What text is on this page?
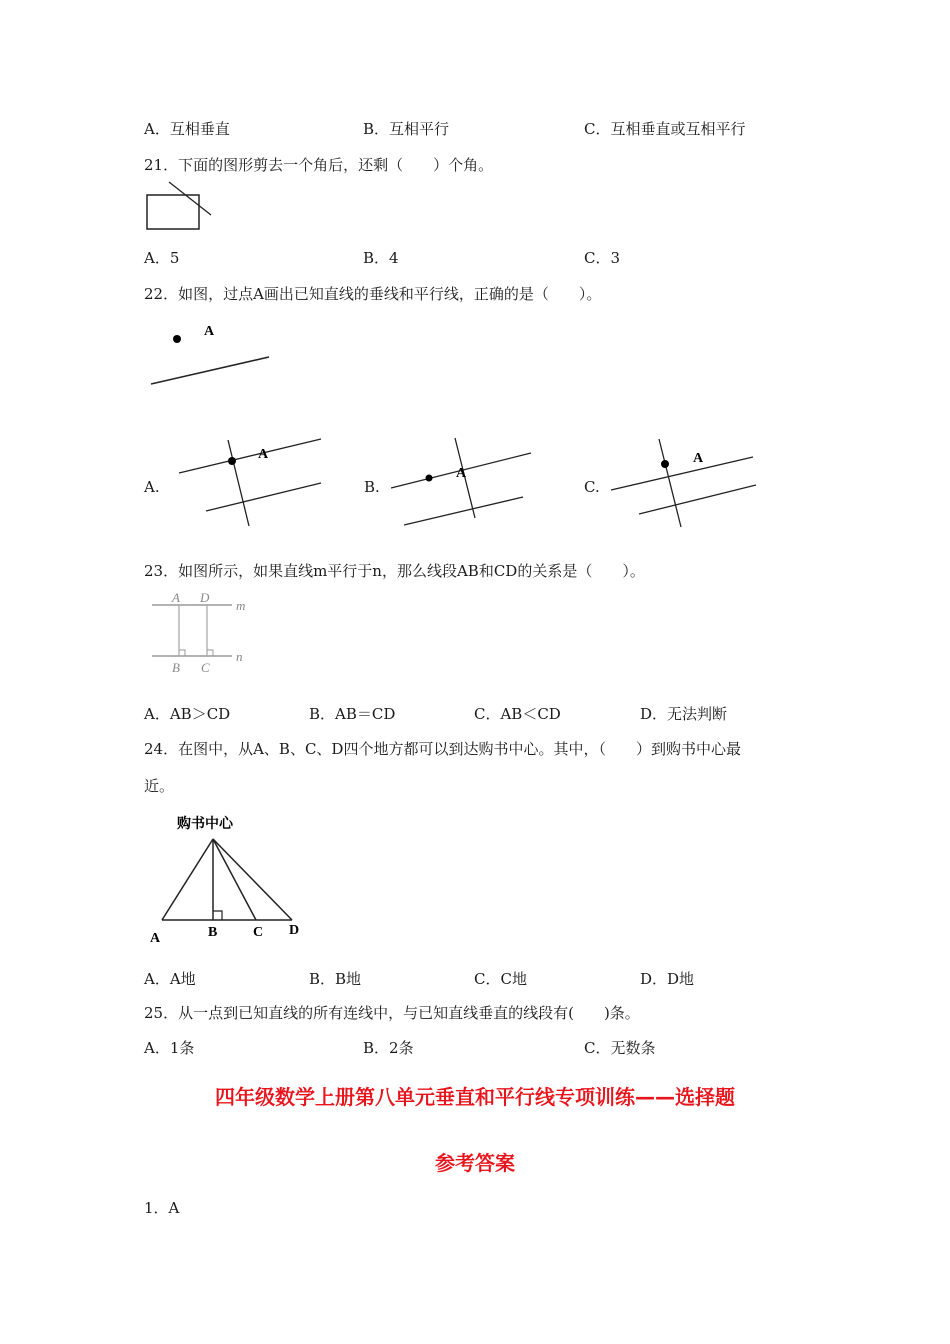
A．互相垂直	B．互相平行	C．互相垂直或互相平行
21．下面的图形剪去一个角后，还剩（　　）个角。
A．5	B．4	C．3
22．如图，过点A画出已知直线的垂线和平行线，正确的是（　　）。
A
A.
A
B.
A
C.
A
23．如图所示，如果直线m平行于n，那么线段AB和CD的关系是（　　）。
A D
m
B C
n
A．AB＞CD	B．AB＝CD	C．AB＜CD	D．无法判断
24．在图中，从A、B、C、D四个地方都可以到达购书中心。其中，（　　）到购书中心最
近。
购书中心
A	B	C D
A．A地	B．B地	C．C地	D．D地
25．从一点到已知直线的所有连线中，与已知直线垂直的线段有(　　)条。
A．1条	B．2条	C．无数条
四年级数学上册第八单元垂直和平行线专项训练——选择题
参考答案
1．A
